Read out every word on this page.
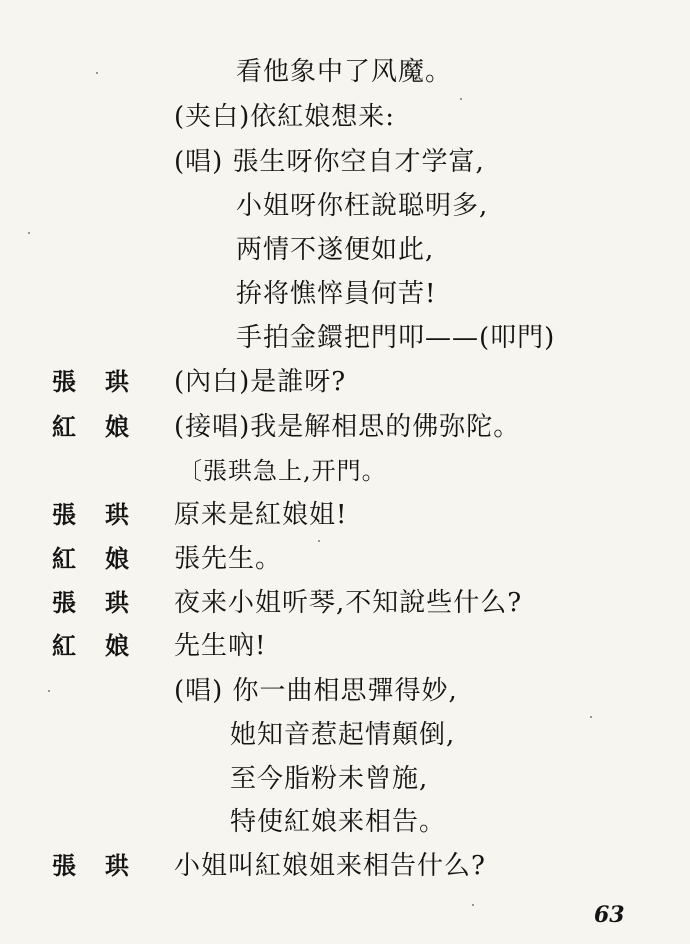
看他象中了风魔。
(夹白)依紅娘想来:
(唱) 張生呀你空自才学富,
小姐呀你枉說聪明多,
两情不遂便如此,
拚将憔悴員何苦!
手拍金鐶把門叩——(叩門)
張珙 (內白)是誰呀?
紅娘 (接唱)我是解相思的佛弥陀。
〔張珙急上,开門。
張珙 原来是紅娘姐!
紅娘 張先生。
張珙 夜来小姐听琴,不知說些什么?
紅娘 先生吶!
(唱) 你一曲相思彈得妙,
她知音惹起情顛倒,
至今脂粉未曾施,
特使紅娘来相告。
張珙 小姐叫紅娘姐来相告什么?
63
